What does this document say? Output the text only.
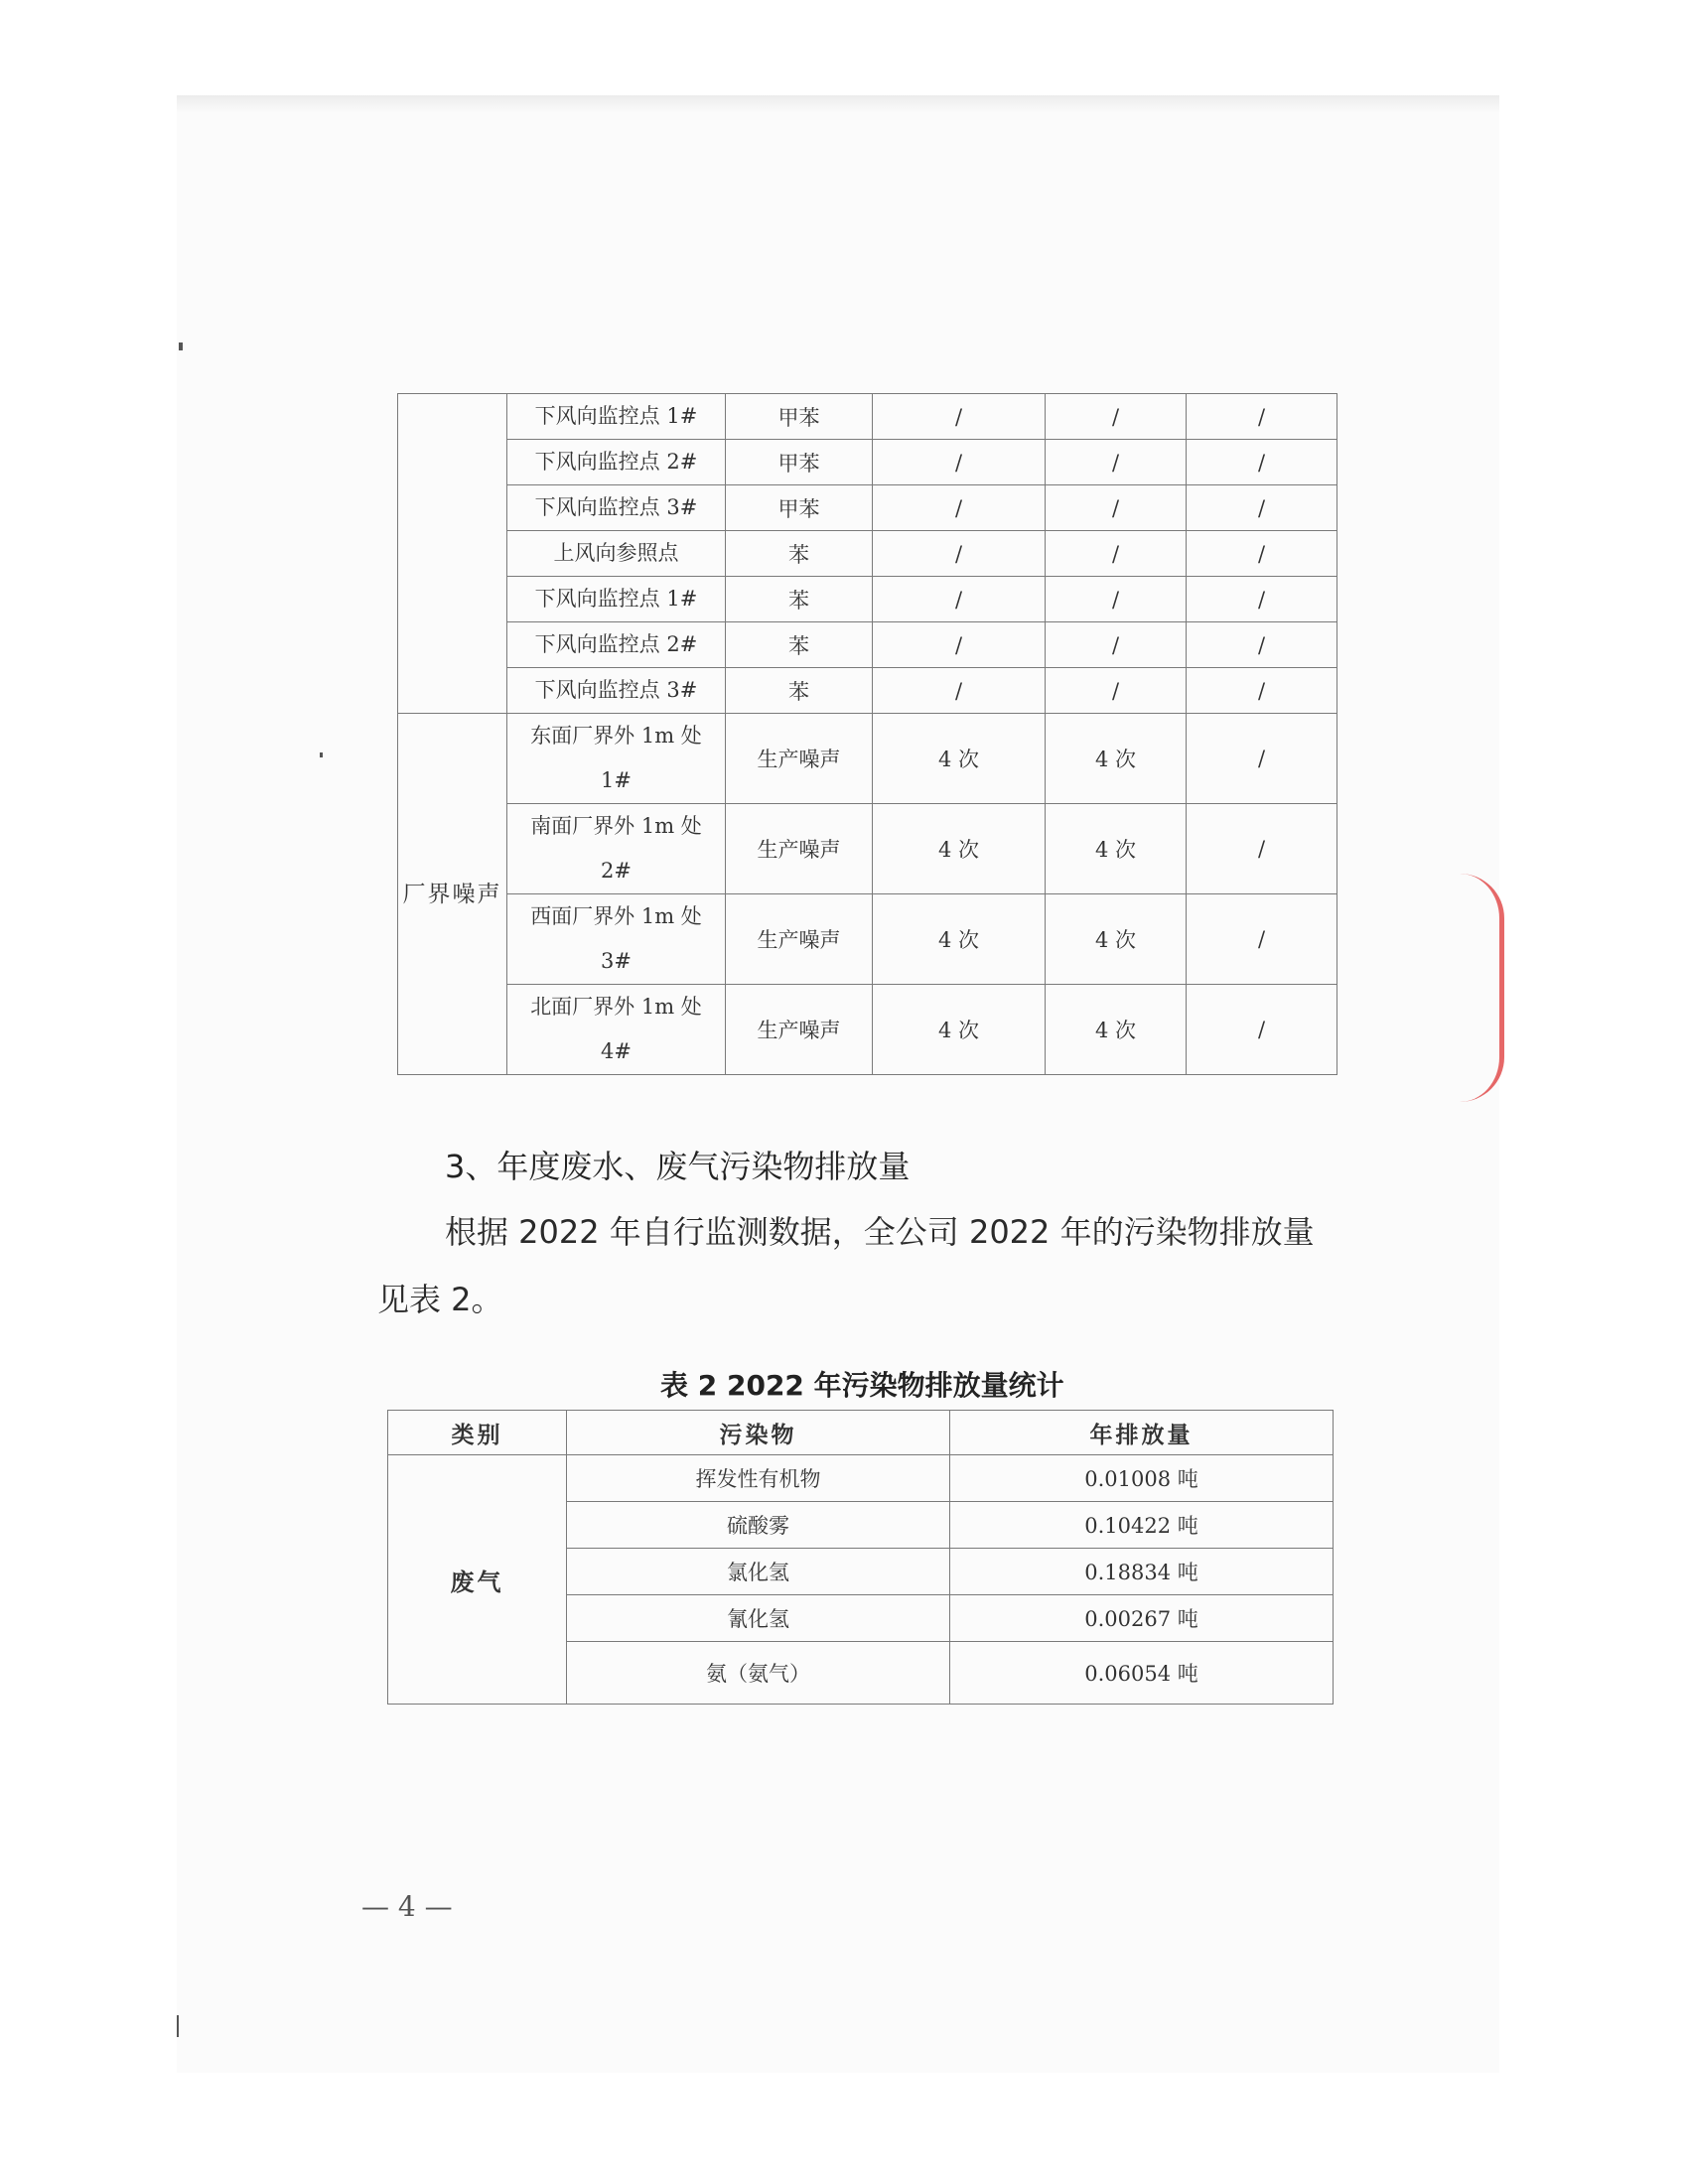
	下风向监控点 1#	甲苯	/	/	/
	下风向监控点 2#	甲苯	/	/	/
	下风向监控点 3#	甲苯	/	/	/
	上风向参照点	苯	/	/	/
	下风向监控点 1#	苯	/	/	/
	下风向监控点 2#	苯	/	/	/
	下风向监控点 3#	苯	/	/	/
厂界噪声	东面厂界外 1m 处 1#	生产噪声	4 次	4 次	/
	南面厂界外 1m 处 2#	生产噪声	4 次	4 次	/
	西面厂界外 1m 处 3#	生产噪声	4 次	4 次	/
	北面厂界外 1m 处 4#	生产噪声	4 次	4 次	/
3、年度废水、废气污染物排放量
根据 2022 年自行监测数据，全公司 2022 年的污染物排放量
见表 2。
表 2 2022 年污染物排放量统计
类别	污染物	年排放量
废气	挥发性有机物	0.01008 吨
	硫酸雾	0.10422 吨
	氯化氢	0.18834 吨
	氰化氢	0.00267 吨
	氨（氨气）	0.06054 吨
— 4 —
